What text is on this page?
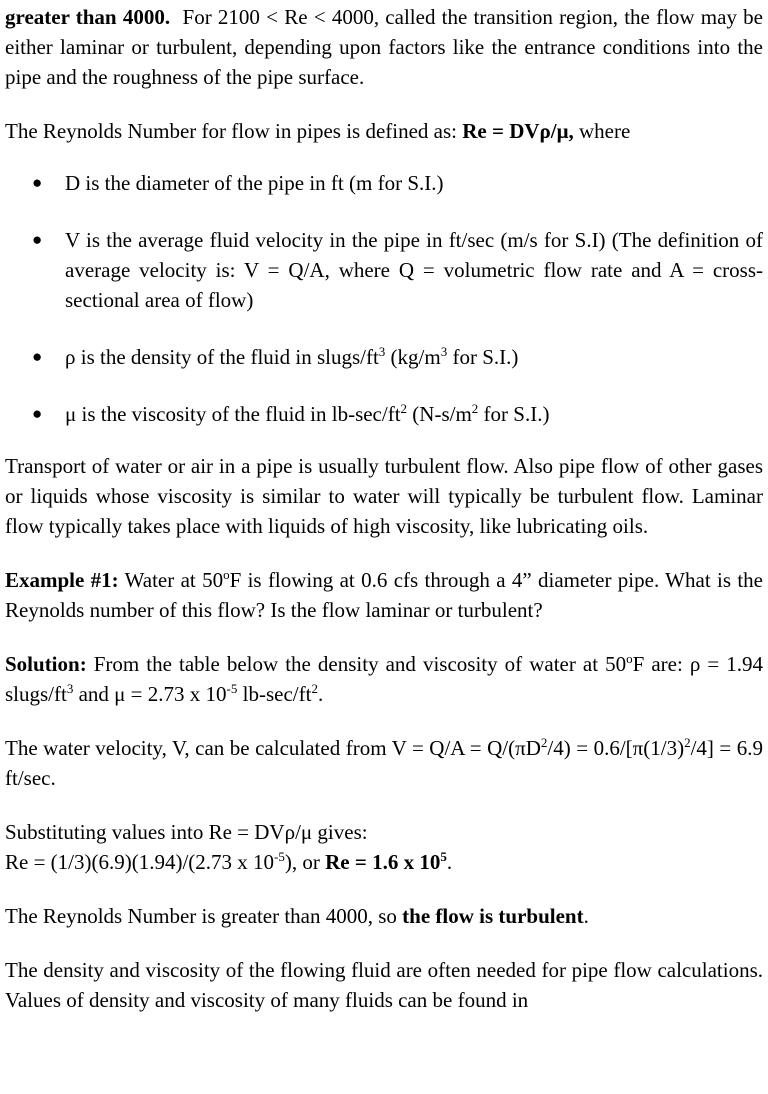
greater than 4000. For 2100 < Re < 4000, called the transition region, the flow may be either laminar or turbulent, depending upon factors like the entrance conditions into the pipe and the roughness of the pipe surface.

The Reynolds Number for flow in pipes is defined as: Re = DVρ/μ, where

● D is the diameter of the pipe in ft (m for S.I.)
● V is the average fluid velocity in the pipe in ft/sec (m/s for S.I) (The definition of average velocity is: V = Q/A, where Q = volumetric flow rate and A = cross-sectional area of flow)
● ρ is the density of the fluid in slugs/$ft^3$ ($kg/m^3$ for S.I.)
● μ is the viscosity of the fluid in $lb-\sec/ft^2$ ($N-s/m^2$ for S.I.)

Transport of water or air in a pipe is usually turbulent flow. Also pipe flow of other gases or liquids whose viscosity is similar to water will typically be turbulent flow. Laminar flow typically takes place with liquids of high viscosity, like lubricating oils.

Example #1: Water at 50$^o$F is flowing at 0.6 cfs through a 4” diameter pipe. What is the Reynolds number of this flow? Is the flow laminar or turbulent?

Solution: From the table below the density and viscosity of water at 50$^o$F are: ρ = 1.94 slugs/$ft^3$ and μ = 2.73 x $10^{-5}$ $lb-\sec/ft^2$.

The water velocity, V, can be calculated from $V = Q/A = Q/(\pi D^2/4) = 0.6/[\pi(1/3)^2/4] = 6.9$ ft/sec.

Substituting values into Re = DVρ/μ gives:
Re = (1/3)(6.9)(1.94)/(2.73 x $10^{-5}$), or Re = 1.6 x $10^5$.

The Reynolds Number is greater than 4000, so the flow is turbulent.

The density and viscosity of the flowing fluid are often needed for pipe flow calculations. Values of density and viscosity of many fluids can be found in
